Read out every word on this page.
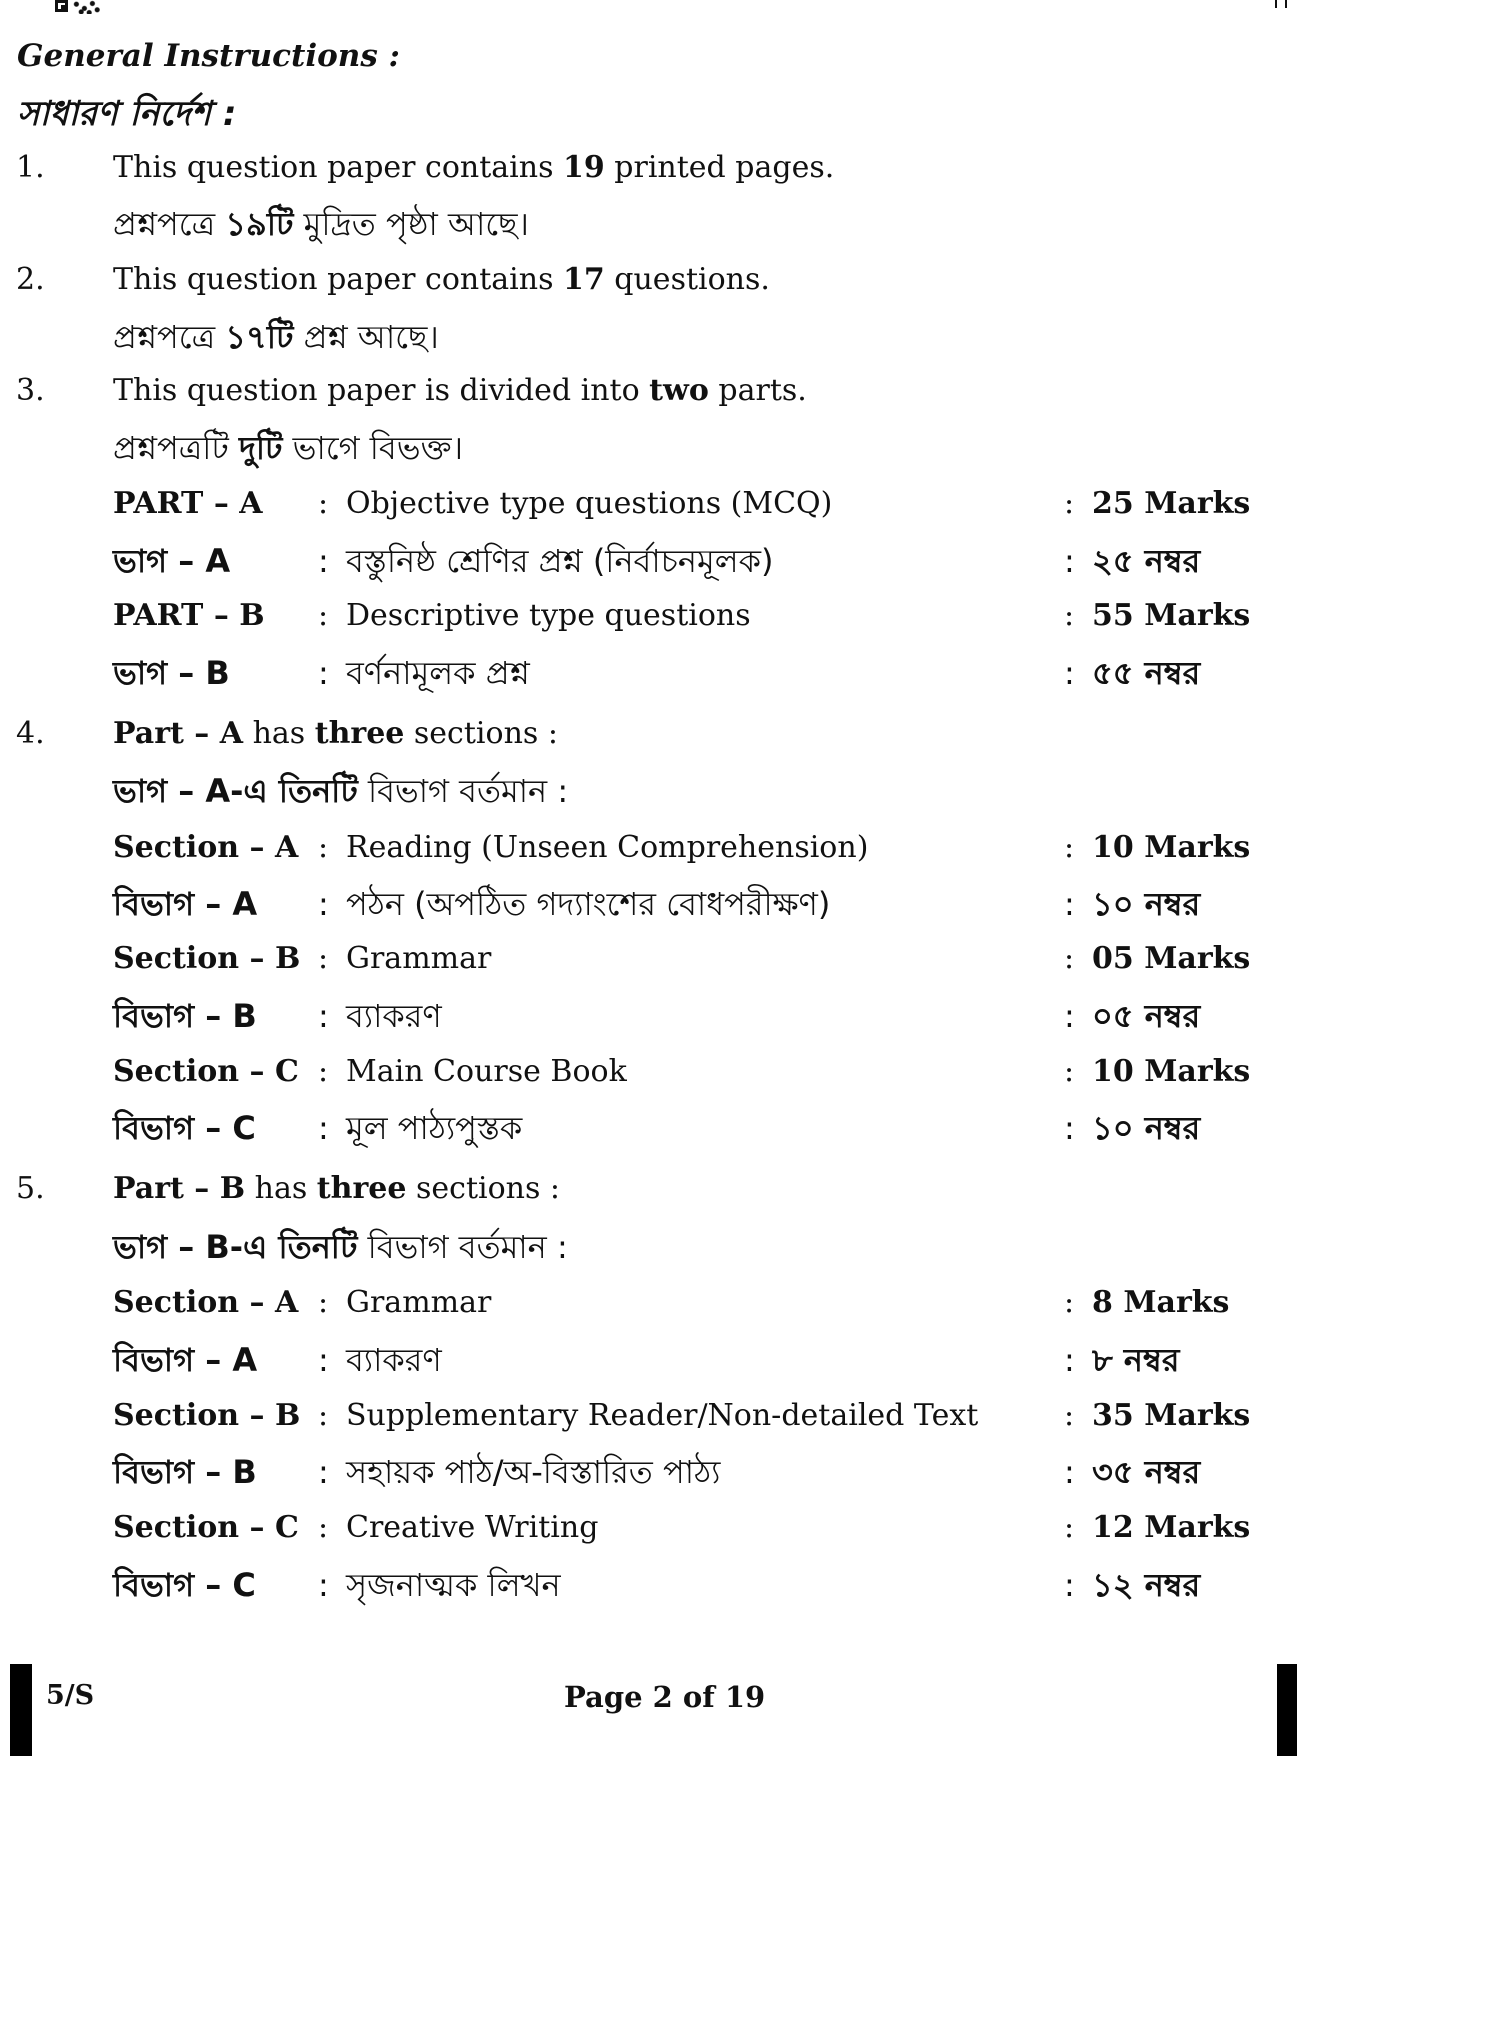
General Instructions :
সাধারণ নির্দেশ :
1. This question paper contains 19 printed pages.
প্রশ্নপত্রে ১৯টি মুদ্রিত পৃষ্ঠা আছে।
2. This question paper contains 17 questions.
প্রশ্নপত্রে ১৭টি প্রশ্ন আছে।
3. This question paper is divided into two parts.
প্রশ্নপত্রটি দুটি ভাগে বিভক্ত।
PART – A : Objective type questions (MCQ)	: 25 Marks
ভাগ – A	: বস্তুনিষ্ঠ শ্রেণির প্রশ্ন (নির্বাচনমূলক)	: ২৫ নম্বর
PART – B : Descriptive type questions	: 55 Marks
ভাগ – B	: বর্ণনামূলক প্রশ্ন	: ৫৫ নম্বর
4. Part – A has three sections :
ভাগ – A-এ তিনটি বিভাগ বর্তমান :
Section – A : Reading (Unseen Comprehension)	: 10 Marks
বিভাগ – A : পঠন (অপঠিত গদ্যাংশের বোধপরীক্ষণ)	: ১০ নম্বর
Section – B : Grammar	: 05 Marks
বিভাগ – B : ব্যাকরণ	: ০৫ নম্বর
Section – C : Main Course Book	: 10 Marks
বিভাগ – C : মূল পাঠ্যপুস্তক	: ১০ নম্বর
5. Part – B has three sections :
ভাগ – B-এ তিনটি বিভাগ বর্তমান :
Section – A : Grammar	: 8 Marks
বিভাগ – A : ব্যাকরণ	: ৮ নম্বর
Section – B : Supplementary Reader/Non-detailed Text	: 35 Marks
বিভাগ – B : সহায়ক পাঠ/অ-বিস্তারিত পাঠ্য	: ৩৫ নম্বর
Section – C : Creative Writing	: 12 Marks
বিভাগ – C : সৃজনাত্মক লিখন	: ১২ নম্বর
5/S	Page 2 of 19
